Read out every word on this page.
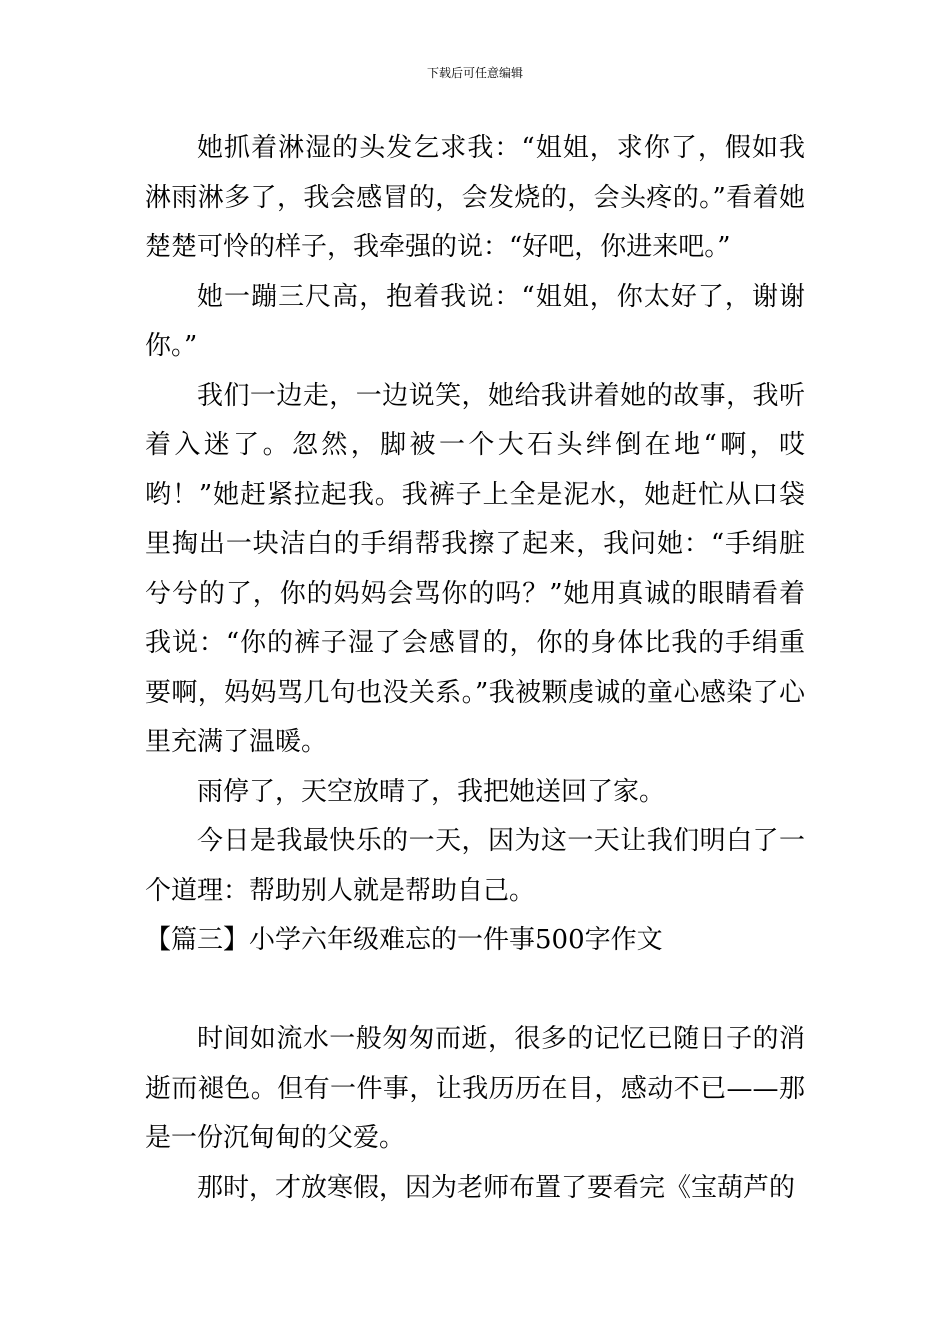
下载后可任意编辑

她抓着淋湿的头发乞求我：“姐姐，求你了，假如我淋雨淋多了，我会感冒的，会发烧的，会头疼的。”看着她楚楚可怜的样子，我牵强的说：“好吧，你进来吧。”

她一蹦三尺高，抱着我说：“姐姐，你太好了，谢谢你。”

我们一边走，一边说笑，她给我讲着她的故事，我听着入迷了。忽然，脚被一个大石头绊倒在地“啊，哎哟！”她赶紧拉起我。我裤子上全是泥水，她赶忙从口袋里掏出一块洁白的手绢帮我擦了起来，我问她：“手绢脏兮兮的了，你的妈妈会骂你的吗？”她用真诚的眼睛看着我说：“你的裤子湿了会感冒的，你的身体比我的手绢重要啊，妈妈骂几句也没关系。”我被颗虔诚的童心感染了心里充满了温暖。

雨停了，天空放晴了，我把她送回了家。

今日是我最快乐的一天，因为这一天让我们明白了一个道理：帮助别人就是帮助自己。

【篇三】小学六年级难忘的一件事500字作文

时间如流水一般匆匆而逝，很多的记忆已随日子的消逝而褪色。但有一件事，让我历历在目，感动不已——那是一份沉甸甸的父爱。

那时，才放寒假，因为老师布置了要看完《宝葫芦的
